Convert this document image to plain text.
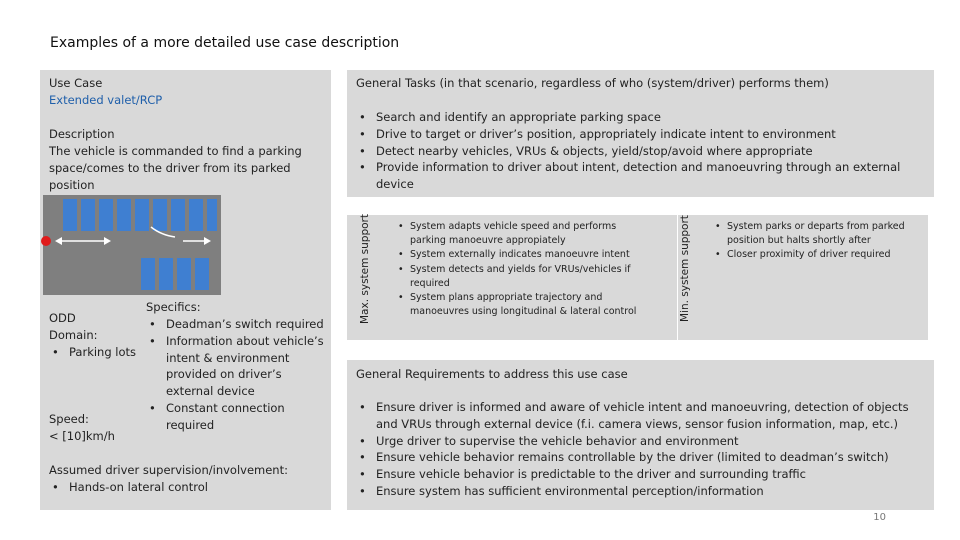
Examples of a more detailed use case description
Use Case
Extended valet/RCP
Description
The vehicle is commanded to find a parking space/comes to the driver from its parked position
ODD
Domain:
• Parking lots
Speed:
< [10]km/h
Specifics:
• Deadman’s switch required
• Information about vehicle’s intent & environment provided on driver’s external device
• Constant connection required
Assumed driver supervision/involvement:
• Hands-on lateral control
General Tasks (in that scenario, regardless of who (system/driver) performs them)
• Search and identify an appropriate parking space
• Drive to target or driver’s position, appropriately indicate intent to environment
• Detect nearby vehicles, VRUs & objects, yield/stop/avoid where appropriate
• Provide information to driver about intent, detection and manoeuvring through an external device
Max. system support	• System adapts vehicle speed and performs parking manoeuvre appropiately
• System externally indicates manoeuvre intent
• System detects and yields for VRUs/vehicles if required
• System plans appropriate trajectory and manoeuvres using longitudinal & lateral control	Min. system support	• System parks or departs from parked position but halts shortly after
• Closer proximity of driver required
General Requirements to address this use case
• Ensure driver is informed and aware of vehicle intent and manoeuvring, detection of objects and VRUs through external device (f.i. camera views, sensor fusion information, map, etc.)
• Urge driver to supervise the vehicle behavior and environment
• Ensure vehicle behavior remains controllable by the driver (limited to deadman’s switch)
• Ensure vehicle behavior is predictable to the driver and surrounding traffic
• Ensure system has sufficient environmental perception/information
10
